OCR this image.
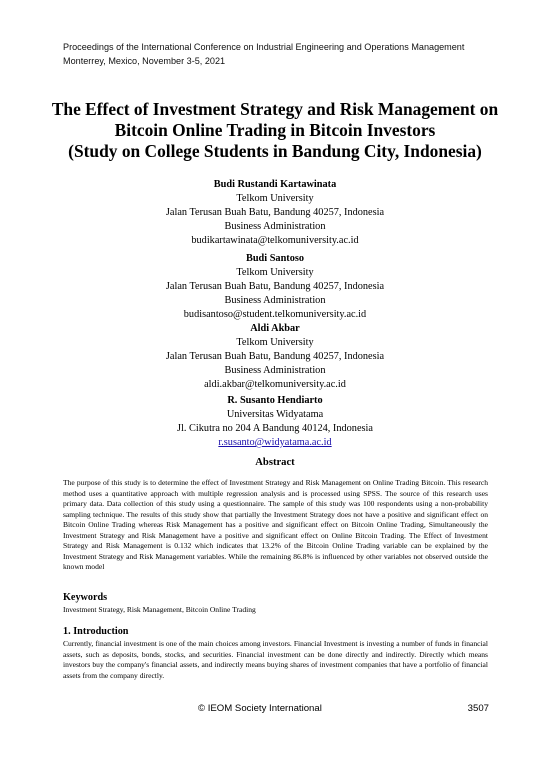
Proceedings of the International Conference on Industrial Engineering and Operations Management
Monterrey, Mexico, November 3-5, 2021
The Effect of Investment Strategy and Risk Management on
Bitcoin Online Trading in Bitcoin Investors
(Study on College Students in Bandung City, Indonesia)
Budi Rustandi Kartawinata
Telkom University
Jalan Terusan Buah Batu, Bandung 40257, Indonesia
Business Administration
budikartawinata@telkomuniversity.ac.id
Budi Santoso
Telkom University
Jalan Terusan Buah Batu, Bandung 40257, Indonesia
Business Administration
budisantoso@student.telkomuniversity.ac.id
Aldi Akbar
Telkom University
Jalan Terusan Buah Batu, Bandung 40257, Indonesia
Business Administration
aldi.akbar@telkomuniversity.ac.id
R. Susanto Hendiarto
Universitas Widyatama
Jl. Cikutra no 204 A Bandung 40124, Indonesia
r.susanto@widyatama.ac.id
Abstract
The purpose of this study is to determine the effect of Investment Strategy and Risk Management on Online Trading Bitcoin. This research method uses a quantitative approach with multiple regression analysis and is processed using SPSS. The source of this research uses primary data. Data collection of this study using a questionnaire. The sample of this study was 100 respondents using a non-probability sampling technique. The results of this study show that partially the Investment Strategy does not have a positive and significant effect on Bitcoin Online Trading whereas Risk Management has a positive and significant effect on Bitcoin Online Trading, Simultaneously the Investment Strategy and Risk Management have a positive and significant effect on Online Bitcoin Trading. The Effect of Investment Strategy and Risk Management is 0.132 which indicates that 13.2% of the Bitcoin Online Trading variable can be explained by the Investment Strategy and Risk Management variables. While the remaining 86.8% is influenced by other variables not observed outside the known model
Keywords
Investment Strategy, Risk Management, Bitcoin Online Trading
1. Introduction
Currently, financial investment is one of the main choices among investors. Financial Investment is investing a number of funds in financial assets, such as deposits, bonds, stocks, and securities. Financial investment can be done directly and indirectly. Directly which means investors buy the company's financial assets, and indirectly means buying shares of investment companies that have a portfolio of financial assets from the company directly.
© IEOM Society International	3507
